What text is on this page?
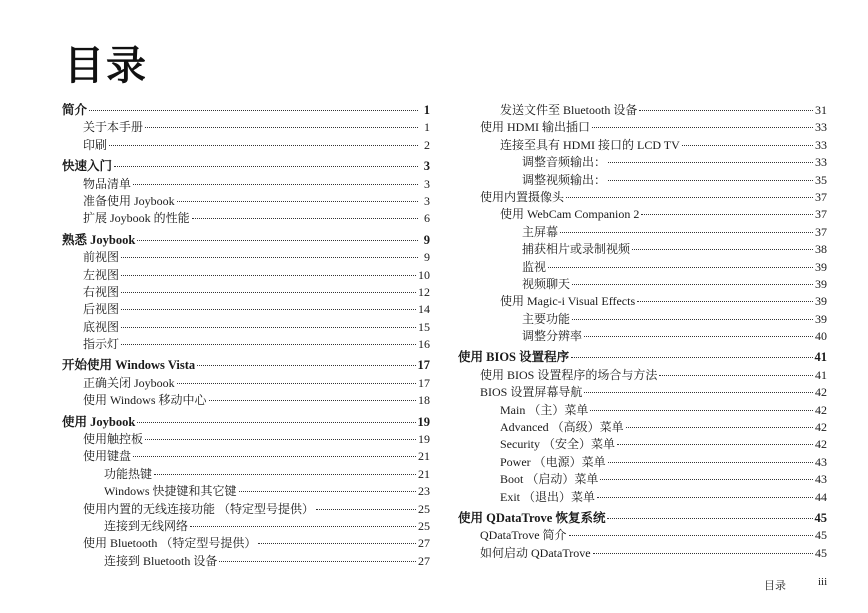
目录
简介	1
关于本手册	1
印刷	2
快速入门	3
物品清单	3
准备使用 Joybook	3
扩展 Joybook 的性能	6
熟悉 Joybook	9
前视图	9
左视图	10
右视图	12
后视图	14
底视图	15
指示灯	16
开始使用 Windows Vista	17
正确关闭 Joybook	17
使用 Windows 移动中心	18
使用 Joybook	19
使用触控板	19
使用键盘	21
功能热键	21
Windows 快捷键和其它键	23
使用内置的无线连接功能 （特定型号提供）	25
连接到无线网络	25
使用 Bluetooth （特定型号提供）	27
连接到 Bluetooth 设备	27
发送文件至 Bluetooth 设备	31
使用 HDMI 输出插口	33
连接至具有 HDMI 接口的 LCD TV	33
调整音频输出：	33
调整视频输出：	35
使用内置摄像头	37
使用 WebCam Companion 2	37
主屏幕	37
捕获相片或录制视频	38
监视	39
视频聊天	39
使用 Magic-i Visual Effects	39
主要功能	39
调整分辨率	40
使用 BIOS 设置程序	41
使用 BIOS 设置程序的场合与方法	41
BIOS 设置屏幕导航	42
Main （主）菜单	42
Advanced （高级）菜单	42
Security （安全）菜单	42
Power （电源）菜单	43
Boot （启动）菜单	43
Exit （退出）菜单	44
使用 QDataTrove 恢复系统	45
QDataTrove 简介	45
如何启动 QDataTrove	45
目录	iii
